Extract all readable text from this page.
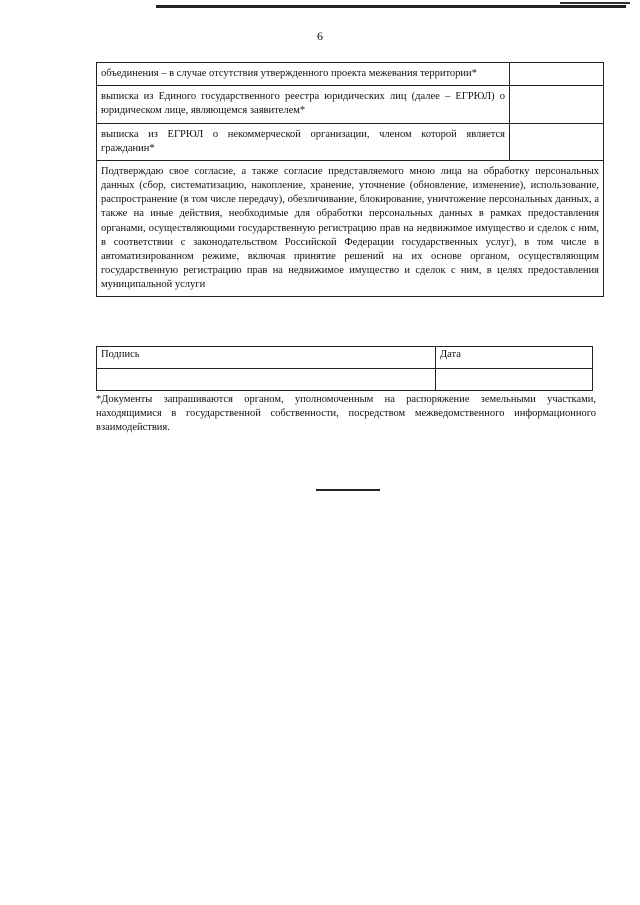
6
объединения – в случае отсутствия утвержденного проекта межевания территории*	
выписка из Единого государственного реестра юридических лиц (далее – ЕГРЮЛ) о юридическом лице, являющемся заявителем*	
выписка из ЕГРЮЛ о некоммерческой организации, членом которой является гражданин*	
Подтверждаю свое согласие, а также согласие представляемого мною лица на обработку персональных данных (сбор, систематизацию, накопление, хранение, уточнение (обновление, изменение), использование, распространение (в том числе передачу), обезличивание, блокирование, уничтожение персональных данных, а также на иные действия, необходимые для обработки персональных данных в рамках предоставления органами, осуществляющими государственную регистрацию прав на недвижимое имущество и сделок с ним, в соответствии с законодательством Российской Федерации государственных услуг), в том числе в автоматизированном режиме, включая принятие решений на их основе органом, осуществляющим государственную регистрацию прав на недвижимое имущество и сделок с ним, в целях предоставления муниципальной услуги	
Подпись	Дата

*Документы запрашиваются органом, уполномоченным на распоряжение земельными участками, находящимися в государственной собственности, посредством межведомственного информационного взаимодействия.
